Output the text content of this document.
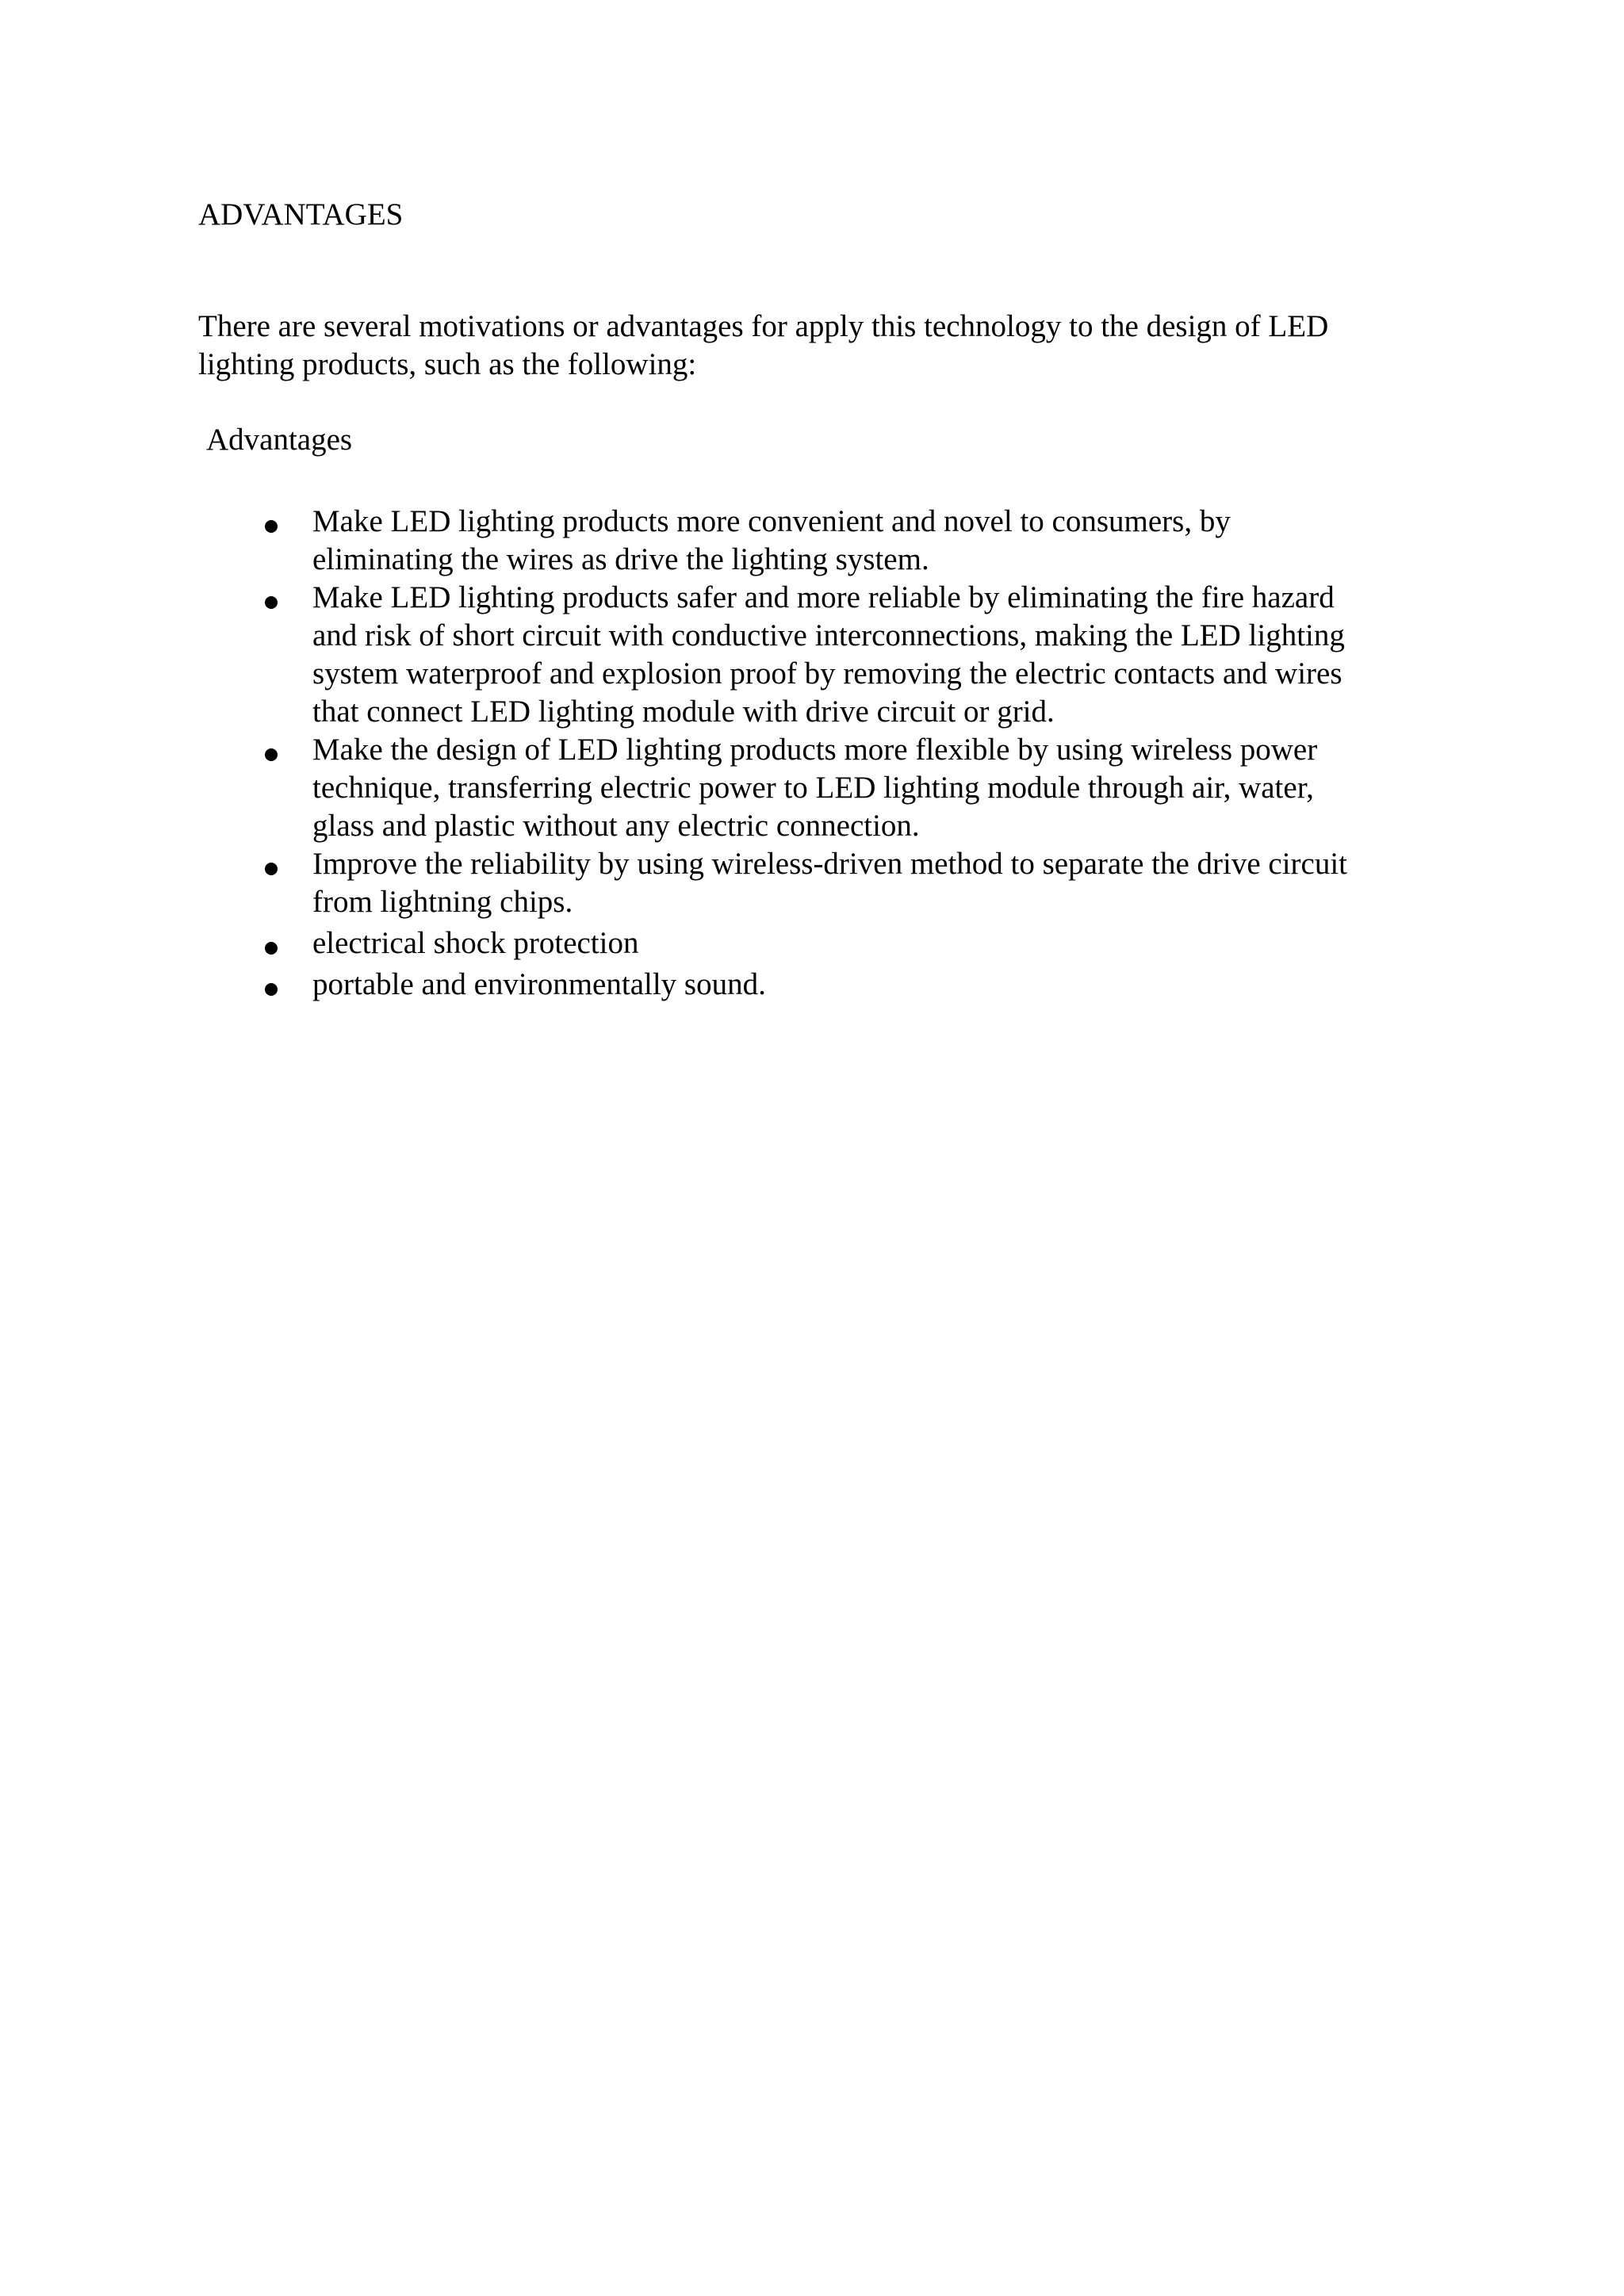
ADVANTAGES

There are several motivations or advantages for apply this technology to the design of LED
lighting products, such as the following:

Advantages

Make LED lighting products more convenient and novel to consumers, by
eliminating the wires as drive the lighting system.
Make LED lighting products safer and more reliable by eliminating the fire hazard
and risk of short circuit with conductive interconnections, making the LED lighting
system waterproof and explosion proof by removing the electric contacts and wires
that connect LED lighting module with drive circuit or grid.
Make the design of LED lighting products more flexible by using wireless power
technique, transferring electric power to LED lighting module through air, water,
glass and plastic without any electric connection.
Improve the reliability by using wireless-driven method to separate the drive circuit
from lightning chips.
electrical shock protection
portable and environmentally sound.
